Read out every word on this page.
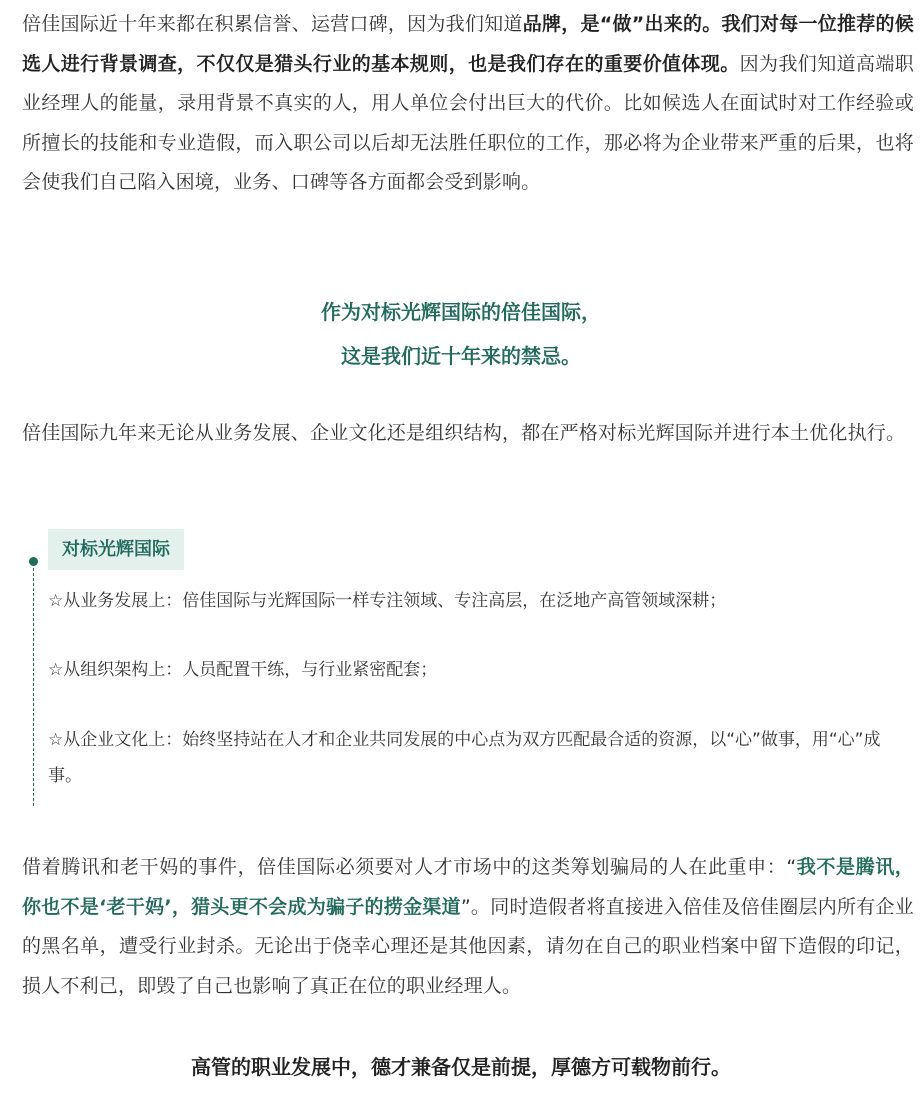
倍佳国际近十年来都在积累信誉、运营口碑，因为我们知道品牌，是“做”出来的。我们对每一位推荐的候选人进行背景调查，不仅仅是猎头行业的基本规则，也是我们存在的重要价值体现。因为我们知道高端职业经理人的能量，录用背景不真实的人，用人单位会付出巨大的代价。比如候选人在面试时对工作经验或所擅长的技能和专业造假，而入职公司以后却无法胜任职位的工作，那必将为企业带来严重的后果，也将会使我们自己陷入困境，业务、口碑等各方面都会受到影响。

作为对标光辉国际的倍佳国际，

这是我们近十年来的禁忌。

倍佳国际九年来无论从业务发展、企业文化还是组织结构，都在严格对标光辉国际并进行本土优化执行。

对标光辉国际

☆从业务发展上：倍佳国际与光辉国际一样专注领域、专注高层，在泛地产高管领域深耕；

☆从组织架构上：人员配置干练，与行业紧密配套；

☆从企业文化上：始终坚持站在人才和企业共同发展的中心点为双方匹配最合适的资源，以“心”做事，用“心”成事。

借着腾讯和老干妈的事件，倍佳国际必须要对人才市场中的这类筹划骗局的人在此重申：“我不是腾讯，你也不是‘老干妈’，猎头更不会成为骗子的捞金渠道”。同时造假者将直接进入倍佳及倍佳圈层内所有企业的黑名单，遭受行业封杀。无论出于侥幸心理还是其他因素，请勿在自己的职业档案中留下造假的印记，损人不利己，即毁了自己也影响了真正在位的职业经理人。

高管的职业发展中，德才兼备仅是前提，厚德方可载物前行。
